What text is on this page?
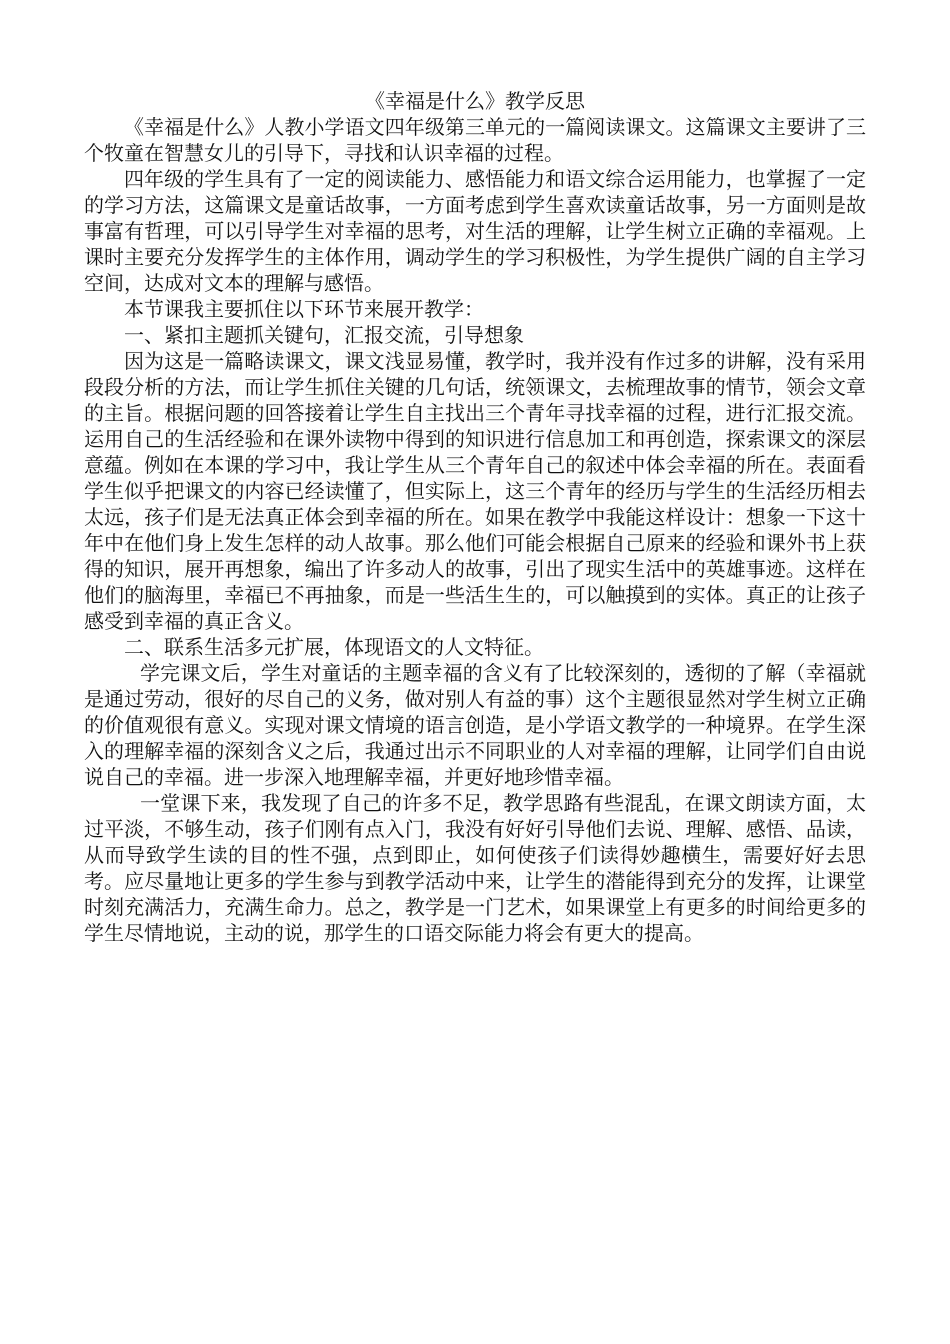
《幸福是什么》教学反思

《幸福是什么》人教小学语文四年级第三单元的一篇阅读课文。这篇课文主要讲了三个牧童在智慧女儿的引导下，寻找和认识幸福的过程。

四年级的学生具有了一定的阅读能力、感悟能力和语文综合运用能力，也掌握了一定的学习方法，这篇课文是童话故事，一方面考虑到学生喜欢读童话故事，另一方面则是故事富有哲理，可以引导学生对幸福的思考，对生活的理解，让学生树立正确的幸福观。上课时主要充分发挥学生的主体作用，调动学生的学习积极性，为学生提供广阔的自主学习空间，达成对文本的理解与感悟。

本节课我主要抓住以下环节来展开教学：

一、紧扣主题抓关键句，汇报交流，引导想象

因为这是一篇略读课文，课文浅显易懂，教学时，我并没有作过多的讲解，没有采用段段分析的方法，而让学生抓住关键的几句话，统领课文，去梳理故事的情节，领会文章的主旨。根据问题的回答接着让学生自主找出三个青年寻找幸福的过程，进行汇报交流。运用自己的生活经验和在课外读物中得到的知识进行信息加工和再创造，探索课文的深层意蕴。例如在本课的学习中，我让学生从三个青年自己的叙述中体会幸福的所在。表面看学生似乎把课文的内容已经读懂了，但实际上，这三个青年的经历与学生的生活经历相去太远，孩子们是无法真正体会到幸福的所在。如果在教学中我能这样设计：想象一下这十年中在他们身上发生怎样的动人故事。那么他们可能会根据自己原来的经验和课外书上获得的知识，展开再想象，编出了许多动人的故事，引出了现实生活中的英雄事迹。这样在他们的脑海里，幸福已不再抽象，而是一些活生生的，可以触摸到的实体。真正的让孩子感受到幸福的真正含义。

二、联系生活多元扩展，体现语文的人文特征。

学完课文后，学生对童话的主题幸福的含义有了比较深刻的，透彻的了解（幸福就是通过劳动，很好的尽自己的义务，做对别人有益的事）这个主题很显然对学生树立正确的价值观很有意义。实现对课文情境的语言创造，是小学语文教学的一种境界。在学生深入的理解幸福的深刻含义之后，我通过出示不同职业的人对幸福的理解，让同学们自由说说自己的幸福。进一步深入地理解幸福，并更好地珍惜幸福。

一堂课下来，我发现了自己的许多不足，教学思路有些混乱，在课文朗读方面，太过平淡，不够生动，孩子们刚有点入门，我没有好好引导他们去说、理解、感悟、品读，从而导致学生读的目的性不强，点到即止，如何使孩子们读得妙趣横生，需要好好去思考。应尽量地让更多的学生参与到教学活动中来，让学生的潜能得到充分的发挥，让课堂时刻充满活力，充满生命力。总之，教学是一门艺术，如果课堂上有更多的时间给更多的学生尽情地说，主动的说，那学生的口语交际能力将会有更大的提高。
